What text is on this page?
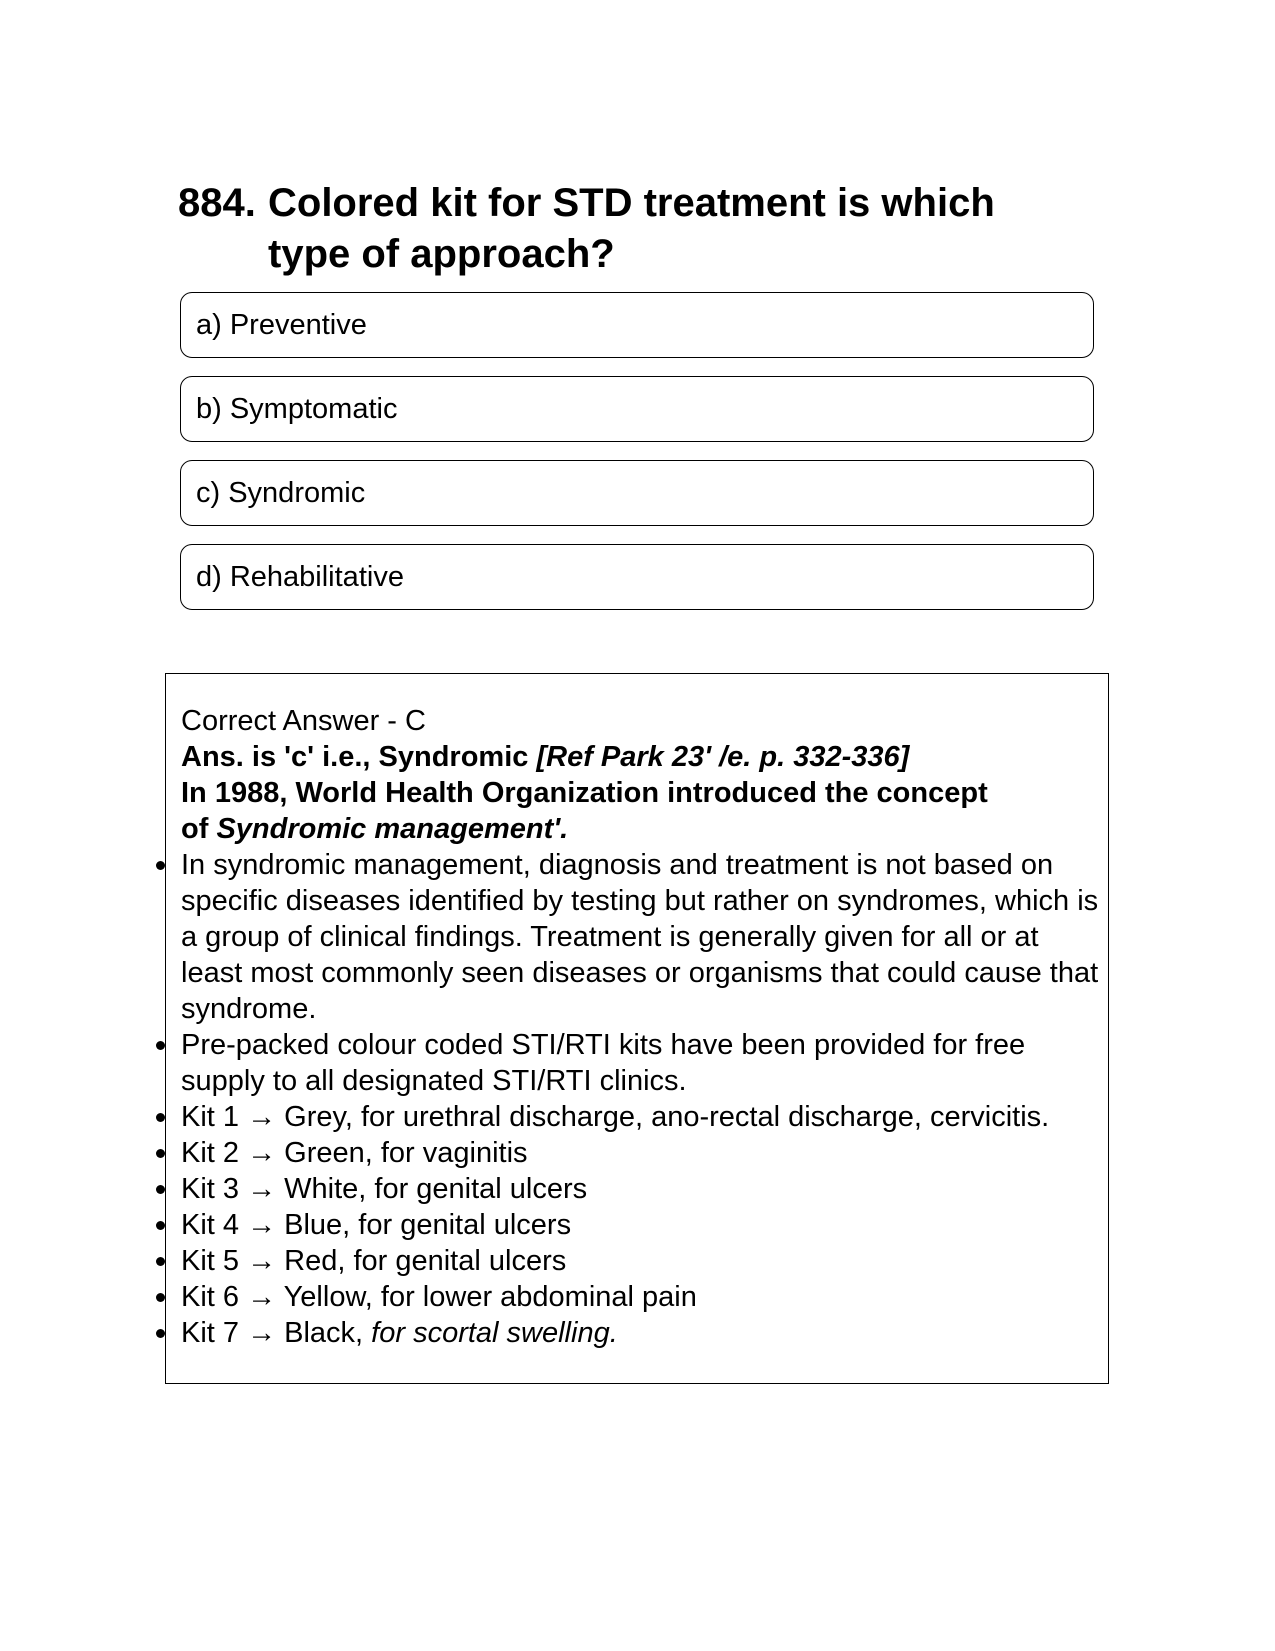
884. Colored kit for STD treatment is which type of approach?
a) Preventive
b) Symptomatic
c) Syndromic
d) Rehabilitative
Correct Answer - C
Ans. is 'c' i.e., Syndromic [Ref Park 23' /e. p. 332-336]
In 1988, World Health Organization introduced the concept
of Syndromic management'.
In syndromic management, diagnosis and treatment is not based on specific diseases identified by testing but rather on syndromes, which is a group of clinical findings. Treatment is generally given for all or at least most commonly seen diseases or organisms that could cause that syndrome.
Pre-packed colour coded STI/RTI kits have been provided for free supply to all designated STI/RTI clinics.
Kit 1 → Grey, for urethral discharge, ano-rectal discharge, cervicitis.
Kit 2 → Green, for vaginitis
Kit 3 → White, for genital ulcers
Kit 4 → Blue, for genital ulcers
Kit 5 → Red, for genital ulcers
Kit 6 → Yellow, for lower abdominal pain
Kit 7 → Black, for scortal swelling.
